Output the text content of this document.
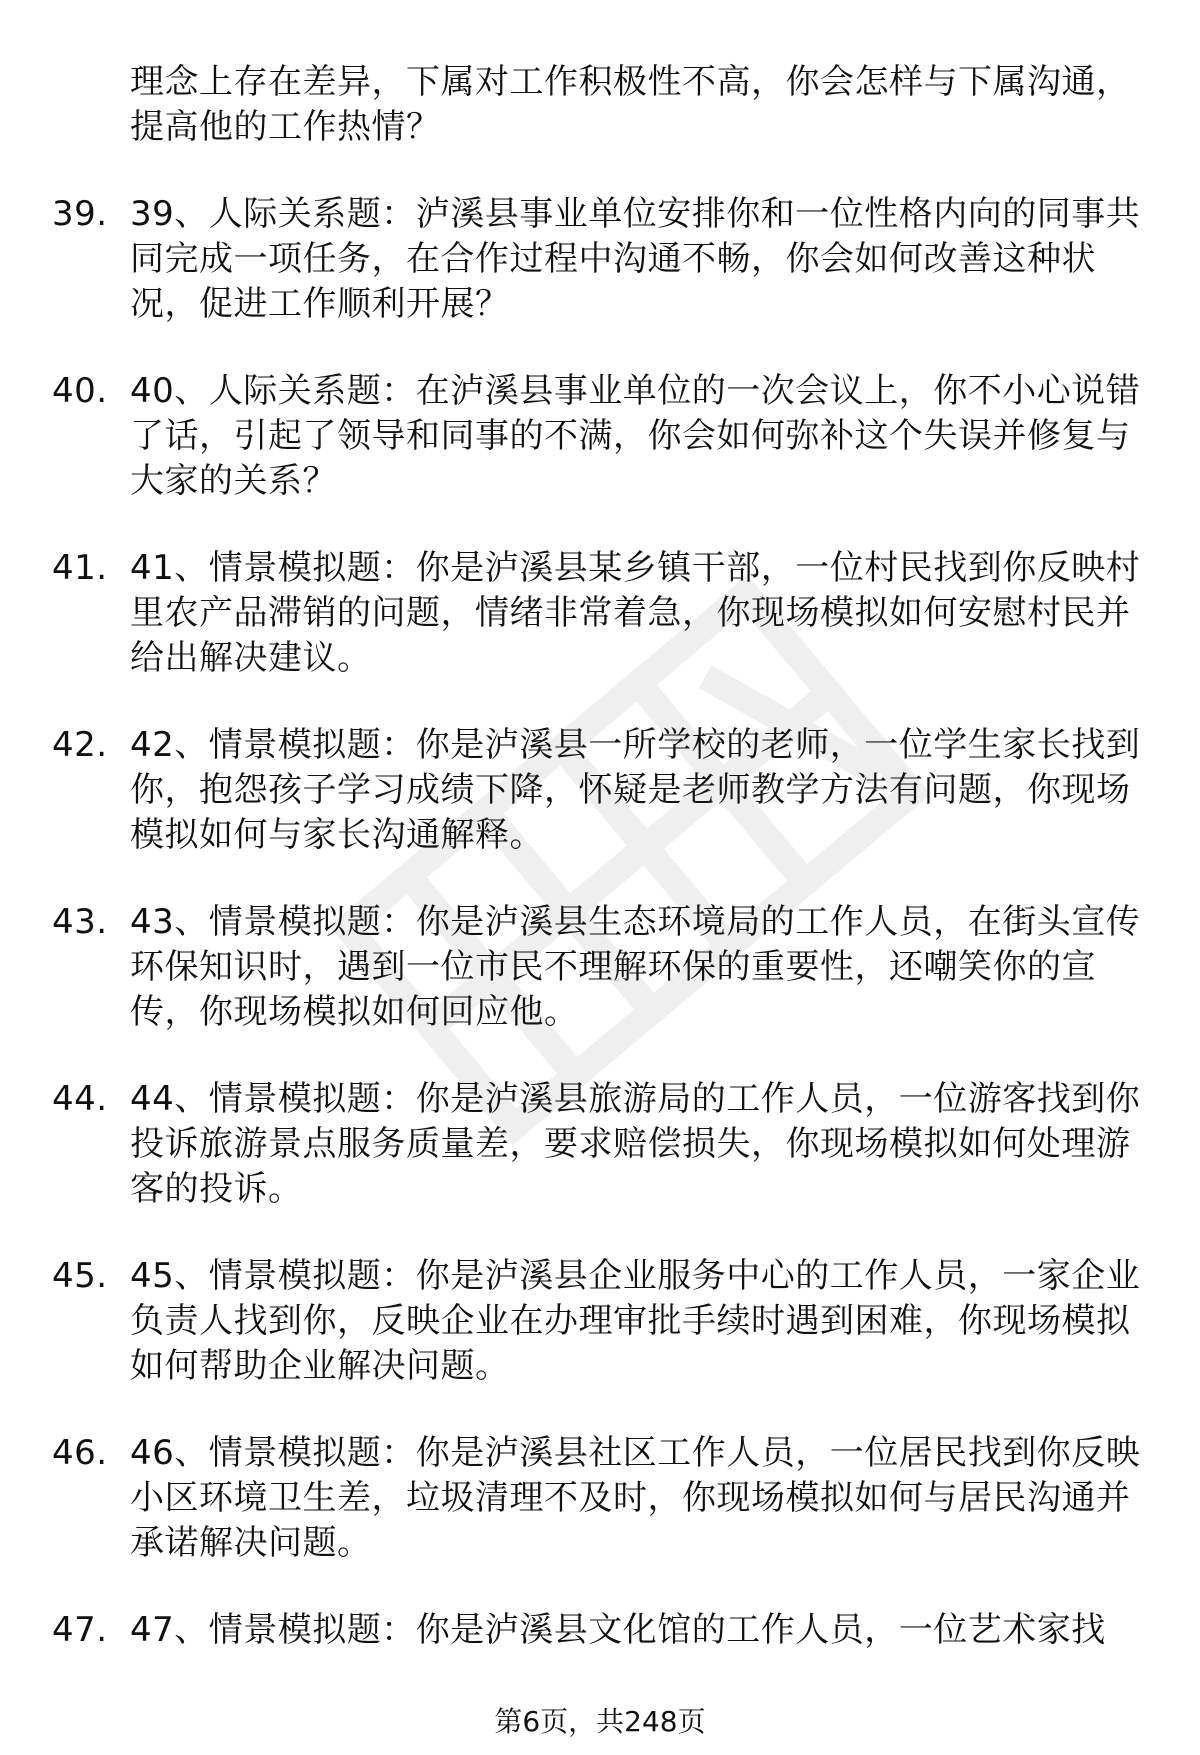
理念上存在差异，下属对工作积极性不高，你会怎样与下属沟通，提高他的工作热情？
39. 39、人际关系题：泸溪县事业单位安排你和一位性格内向的同事共同完成一项任务，在合作过程中沟通不畅，你会如何改善这种状况，促进工作顺利开展？
40. 40、人际关系题：在泸溪县事业单位的一次会议上，你不小心说错了话，引起了领导和同事的不满，你会如何弥补这个失误并修复与大家的关系？
41. 41、情景模拟题：你是泸溪县某乡镇干部，一位村民找到你反映村里农产品滞销的问题，情绪非常着急，你现场模拟如何安慰村民并给出解决建议。
42. 42、情景模拟题：你是泸溪县一所学校的老师，一位学生家长找到你，抱怨孩子学习成绩下降，怀疑是老师教学方法有问题，你现场模拟如何与家长沟通解释。
43. 43、情景模拟题：你是泸溪县生态环境局的工作人员，在街头宣传环保知识时，遇到一位市民不理解环保的重要性，还嘲笑你的宣传，你现场模拟如何回应他。
44. 44、情景模拟题：你是泸溪县旅游局的工作人员，一位游客找到你投诉旅游景点服务质量差，要求赔偿损失，你现场模拟如何处理游客的投诉。
45. 45、情景模拟题：你是泸溪县企业服务中心的工作人员，一家企业负责人找到你，反映企业在办理审批手续时遇到困难，你现场模拟如何帮助企业解决问题。
46. 46、情景模拟题：你是泸溪县社区工作人员，一位居民找到你反映小区环境卫生差，垃圾清理不及时，你现场模拟如何与居民沟通并承诺解决问题。
47. 47、情景模拟题：你是泸溪县文化馆的工作人员，一位艺术家找
第6页，共248页
